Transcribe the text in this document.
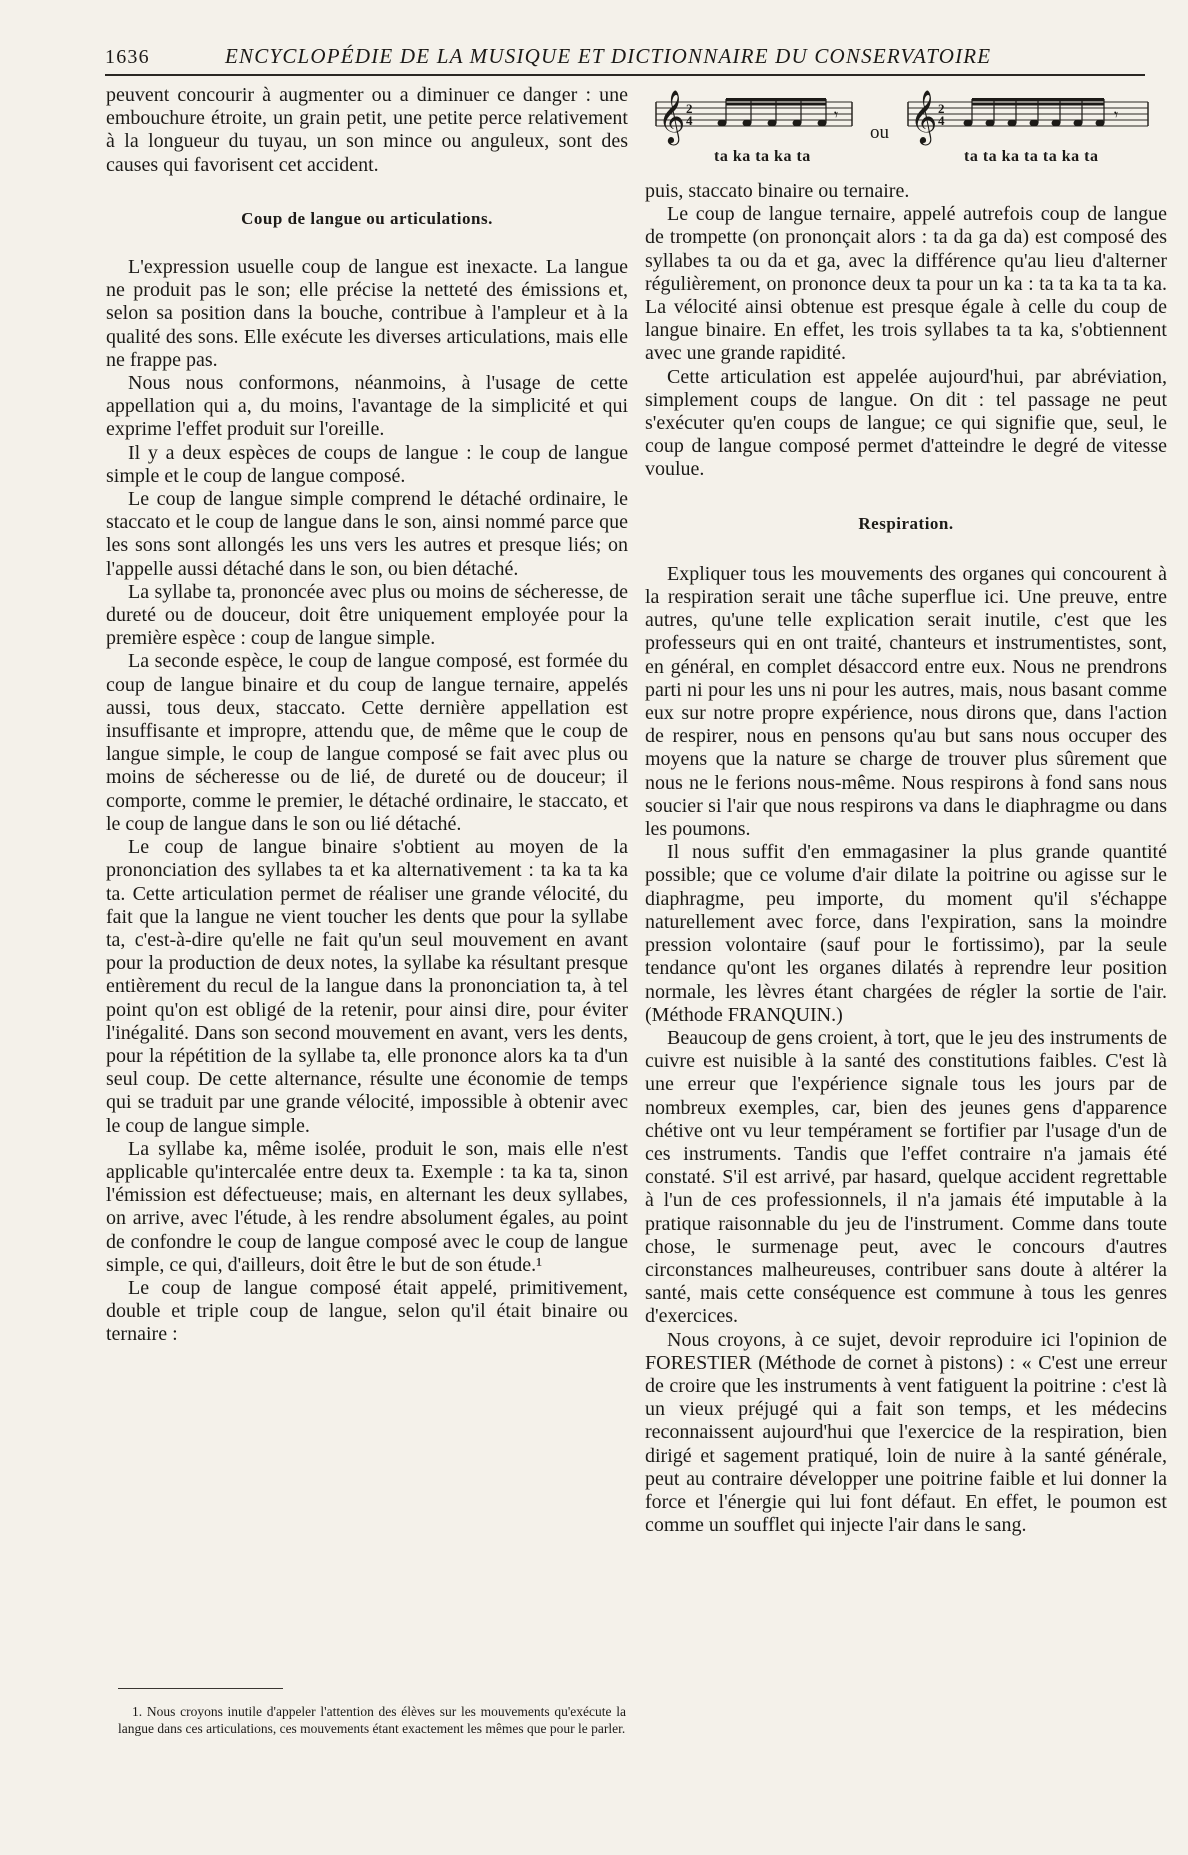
1636	ENCYCLOPÉDIE DE LA MUSIQUE ET DICTIONNAIRE DU CONSERVATOIRE

peuvent concourir à augmenter ou a diminuer ce danger : une embouchure étroite, un grain petit, une petite perce relativement à la longueur du tuyau, un son mince ou anguleux, sont des causes qui favorisent cet accident.

Coup de langue ou articulations.

L'expression usuelle coup de langue est inexacte. La langue ne produit pas le son; elle précise la netteté des émissions et, selon sa position dans la bouche, contribue à l'ampleur et à la qualité des sons. Elle exécute les diverses articulations, mais elle ne frappe pas.

Nous nous conformons, néanmoins, à l'usage de cette appellation qui a, du moins, l'avantage de la simplicité et qui exprime l'effet produit sur l'oreille.

Il y a deux espèces de coups de langue : le coup de langue simple et le coup de langue composé.

Le coup de langue simple comprend le détaché ordinaire, le staccato et le coup de langue dans le son, ainsi nommé parce que les sons sont allongés les uns vers les autres et presque liés; on l'appelle aussi détaché dans le son, ou bien détaché.

La syllabe ta, prononcée avec plus ou moins de sécheresse, de dureté ou de douceur, doit être uniquement employée pour la première espèce : coup de langue simple.

La seconde espèce, le coup de langue composé, est formée du coup de langue binaire et du coup de langue ternaire, appelés aussi, tous deux, staccato. Cette dernière appellation est insuffisante et impropre, attendu que, de même que le coup de langue simple, le coup de langue composé se fait avec plus ou moins de sécheresse ou de lié, de dureté ou de douceur; il comporte, comme le premier, le détaché ordinaire, le staccato, et le coup de langue dans le son ou lié détaché.

Le coup de langue binaire s'obtient au moyen de la prononciation des syllabes ta et ka alternativement : ta ka ta ka ta. Cette articulation permet de réaliser une grande vélocité, du fait que la langue ne vient toucher les dents que pour la syllabe ta, c'est-à-dire qu'elle ne fait qu'un seul mouvement en avant pour la production de deux notes, la syllabe ka résultant presque entièrement du recul de la langue dans la prononciation ta, à tel point qu'on est obligé de la retenir, pour ainsi dire, pour éviter l'inégalité. Dans son second mouvement en avant, vers les dents, pour la répétition de la syllabe ta, elle prononce alors ka ta d'un seul coup. De cette alternance, résulte une économie de temps qui se traduit par une grande vélocité, impossible à obtenir avec le coup de langue simple.

La syllabe ka, même isolée, produit le son, mais elle n'est applicable qu'intercalée entre deux ta. Exemple : ta ka ta, sinon l'émission est défectueuse; mais, en alternant les deux syllabes, on arrive, avec l'étude, à les rendre absolument égales, au point de confondre le coup de langue composé avec le coup de langue simple, ce qui, d'ailleurs, doit être le but de son étude.¹

Le coup de langue composé était appelé, primitivement, double et triple coup de langue, selon qu'il était binaire ou ternaire :

1. Nous croyons inutile d'appeler l'attention des élèves sur les mouvements qu'exécute la langue dans ces articulations, ces mouvements étant exactement les mêmes que pour le parler.

𝄞 2
4	𝄾 𝄞 2
4	𝄾
ou
ta ka ta ka ta	ta ta ka ta ta ka ta

puis, staccato binaire ou ternaire.

Le coup de langue ternaire, appelé autrefois coup de langue de trompette (on prononçait alors : ta da ga da) est composé des syllabes ta ou da et ga, avec la différence qu'au lieu d'alterner régulièrement, on prononce deux ta pour un ka : ta ta ka ta ta ka. La vélocité ainsi obtenue est presque égale à celle du coup de langue binaire. En effet, les trois syllabes ta ta ka, s'obtiennent avec une grande rapidité.

Cette articulation est appelée aujourd'hui, par abréviation, simplement coups de langue. On dit : tel passage ne peut s'exécuter qu'en coups de langue; ce qui signifie que, seul, le coup de langue composé permet d'atteindre le degré de vitesse voulue.

Respiration.

Expliquer tous les mouvements des organes qui concourent à la respiration serait une tâche superflue ici. Une preuve, entre autres, qu'une telle explication serait inutile, c'est que les professeurs qui en ont traité, chanteurs et instrumentistes, sont, en général, en complet désaccord entre eux. Nous ne prendrons parti ni pour les uns ni pour les autres, mais, nous basant comme eux sur notre propre expérience, nous dirons que, dans l'action de respirer, nous en pensons qu'au but sans nous occuper des moyens que la nature se charge de trouver plus sûrement que nous ne le ferions nous-même. Nous respirons à fond sans nous soucier si l'air que nous respirons va dans le diaphragme ou dans les poumons.

Il nous suffit d'en emmagasiner la plus grande quantité possible; que ce volume d'air dilate la poitrine ou agisse sur le diaphragme, peu importe, du moment qu'il s'échappe naturellement avec force, dans l'expiration, sans la moindre pression volontaire (sauf pour le fortissimo), par la seule tendance qu'ont les organes dilatés à reprendre leur position normale, les lèvres étant chargées de régler la sortie de l'air. (Méthode FRANQUIN.)

Beaucoup de gens croient, à tort, que le jeu des instruments de cuivre est nuisible à la santé des constitutions faibles. C'est là une erreur que l'expérience signale tous les jours par de nombreux exemples, car, bien des jeunes gens d'apparence chétive ont vu leur tempérament se fortifier par l'usage d'un de ces instruments. Tandis que l'effet contraire n'a jamais été constaté. S'il est arrivé, par hasard, quelque accident regrettable à l'un de ces professionnels, il n'a jamais été imputable à la pratique raisonnable du jeu de l'instrument. Comme dans toute chose, le surmenage peut, avec le concours d'autres circonstances malheureuses, contribuer sans doute à altérer la santé, mais cette conséquence est commune à tous les genres d'exercices.

Nous croyons, à ce sujet, devoir reproduire ici l'opinion de FORESTIER (Méthode de cornet à pistons) : « C'est une erreur de croire que les instruments à vent fatiguent la poitrine : c'est là un vieux préjugé qui a fait son temps, et les médecins reconnaissent aujourd'hui que l'exercice de la respiration, bien dirigé et sagement pratiqué, loin de nuire à la santé générale, peut au contraire développer une poitrine faible et lui donner la force et l'énergie qui lui font défaut. En effet, le poumon est comme un soufflet qui injecte l'air dans le sang.
